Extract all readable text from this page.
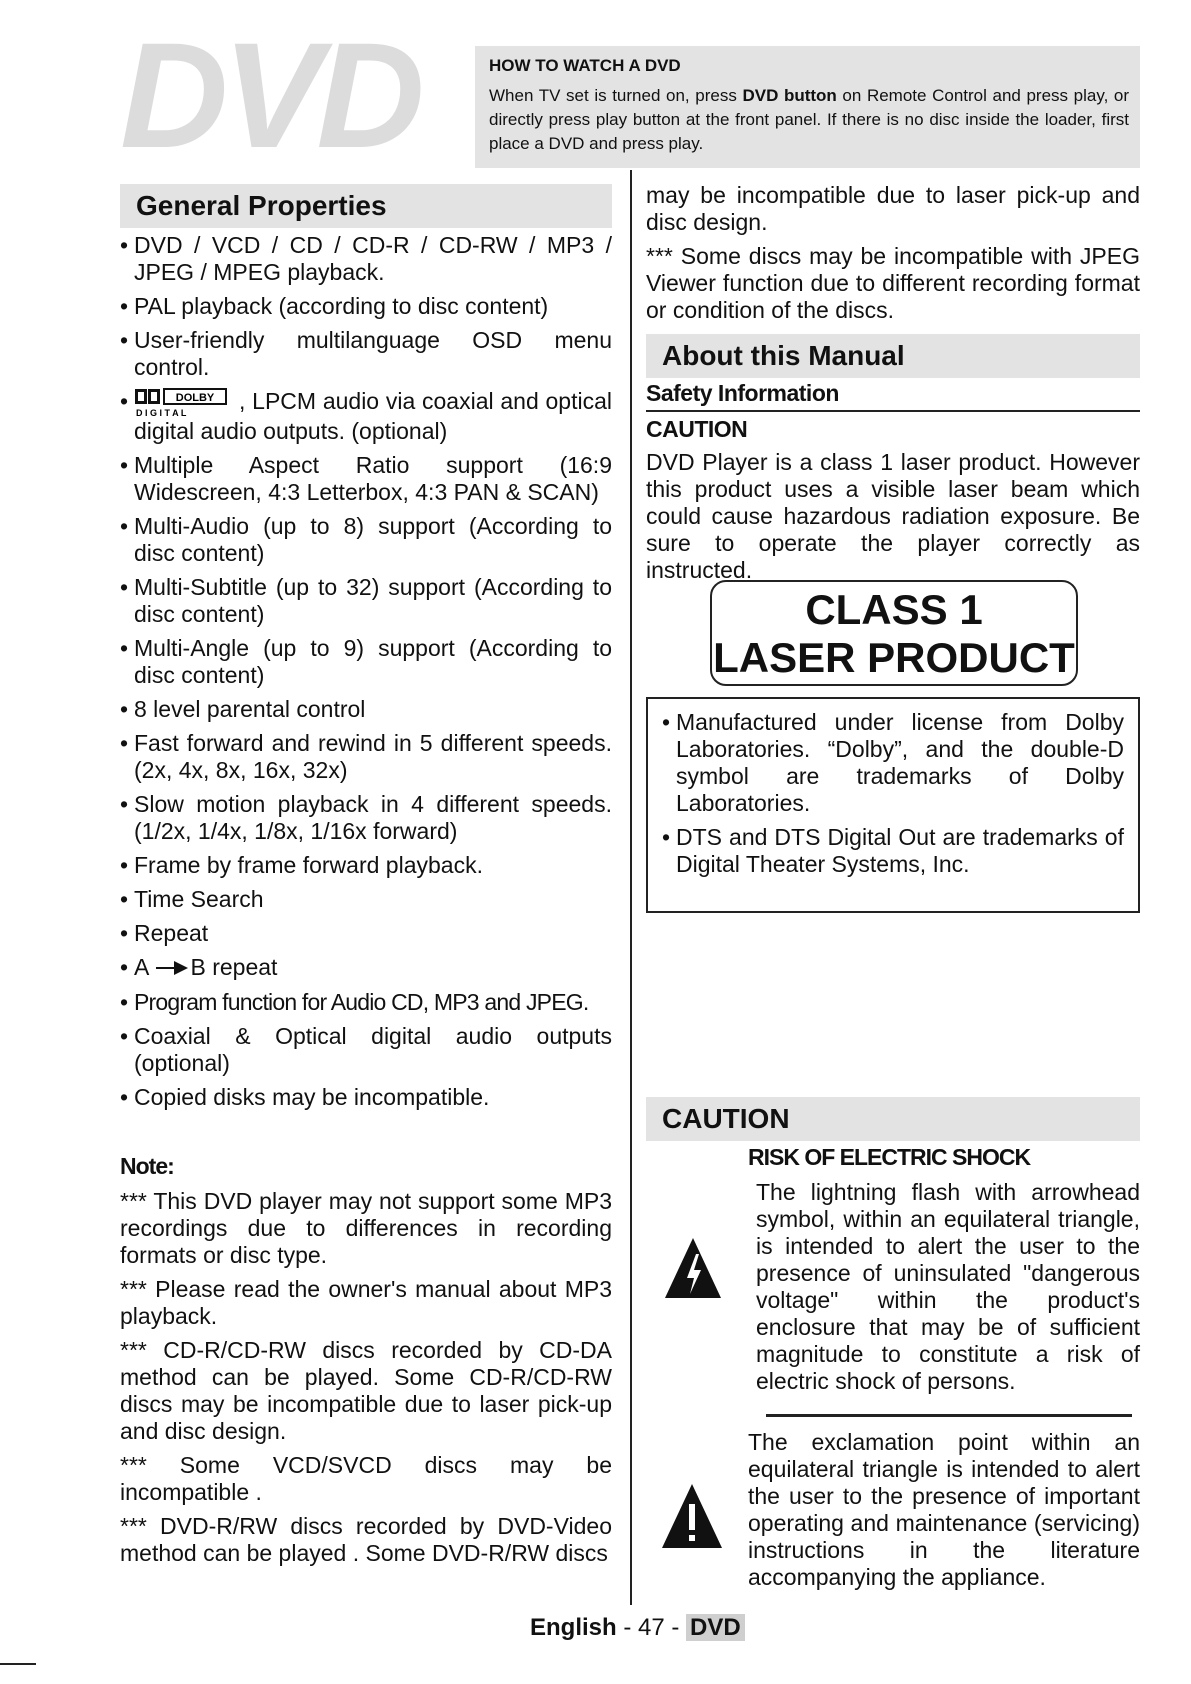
DVD	HOW TO WATCH A DVD

When TV set is turned on, press DVD button on Remote Control and press play, or directly press play button at the front panel. If there is no disc inside the loader, first place a DVD and press play.

General Properties
• DVD / VCD / CD / CD-R / CD-RW / MP3 / JPEG / MPEG playback.
• PAL playback (according to disc content)
• User-friendly multilanguage OSD menu control.
•	DOLBY
D I G I T A L , LPCM audio via coaxial and optical digital audio outputs. (optional)
• Multiple Aspect Ratio support (16:9 Widescreen, 4:3 Letterbox, 4:3 PAN & SCAN)
• Multi-Audio (up to 8) support (According to disc content)
• Multi-Subtitle (up to 32) support (According to disc content)
• Multi-Angle (up to 9) support (According to disc content)
• 8 level parental control
• Fast forward and rewind in 5 different speeds. (2x, 4x, 8x, 16x, 32x)
• Slow motion playback in 4 different speeds. (1/2x, 1/4x, 1/8x, 1/16x forward)
• Frame by frame forward playback.
• Time Search
• Repeat
• A B repeat
• Program function for Audio CD, MP3 and JPEG.
• Coaxial & Optical digital audio outputs (optional)
• Copied disks may be incompatible.
Note:

*** This DVD player may not support some MP3 recordings due to differences in recording formats or disc type.

*** Please read the owner's manual about MP3 playback.

*** CD-R/CD-RW discs recorded by CD-DA method can be played. Some CD-R/CD-RW discs may be incompatible due to laser pick-up and disc design.

*** Some VCD/SVCD discs may be incompatible .

*** DVD-R/RW discs recorded by DVD-Video method can be played . Some DVD-R/RW discs

may be incompatible due to laser pick-up and disc design.

*** Some discs may be incompatible with JPEG Viewer function due to different recording format or condition of the discs.

About this Manual
Safety Information
CAUTION

DVD Player is a class 1 laser product. However this product uses a visible laser beam which could cause hazardous radiation exposure. Be sure to operate the player correctly as instructed.

CLASS 1
LASER PRODUCT
• Manufactured under license from Dolby Laboratories. “Dolby”, and the double-D symbol are trademarks of Dolby Laboratories.
• DTS and DTS Digital Out are trademarks of Digital Theater Systems, Inc.
CAUTION
RISK OF ELECTRIC SHOCK

The lightning flash with arrowhead symbol, within an equilateral triangle, is intended to alert the user to the presence of uninsulated "dangerous voltage" within the product's enclosure that may be of sufficient magnitude to constitute a risk of electric shock of persons.

The exclamation point within an equilateral triangle is intended to alert the user to the presence of important operating and maintenance (servicing) instructions in the literature accompanying the appliance.

English - 47 - DVD
